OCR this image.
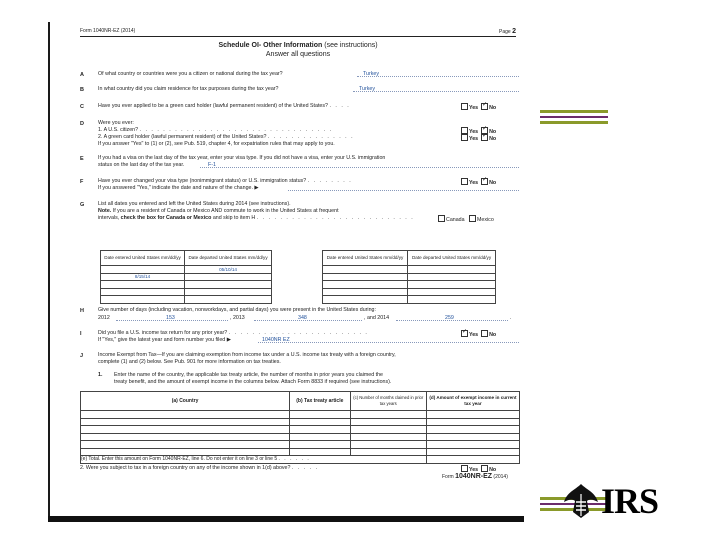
Form 1040NR-EZ (2014)	Page 2
Schedule OI- Other Information (see instructions)
Answer all questions
A	Of what country or countries were you a citizen or national during the tax year?	Turkey
B	In what country did you claim residence for tax purposes during the tax year?	Turkey
C	Have you ever applied to be a green card holder (lawful permanent resident) of the United States? . . . .	Yes ✓ No
D	Were you ever:
1. A U.S. citizen? . . . . . . . . . . . . . . . . . . . . . . . . . . . . . . . . .	Yes ✓ No
2. A green card holder (lawful permanent resident) of the United States? . . . . . . . . . . . . . . .	Yes ✓ No
If you answer "Yes" to (1) or (2), see Pub. 519, chapter 4, for expatriation rules that may apply to you.
E	If you had a visa on the last day of the tax year, enter your visa type. If you did not have a visa, enter your U.S. immigration
status on the last day of the tax year.	F-1
F	Have you ever changed your visa type (nonimmigrant status) or U.S. immigration status? . . . . . . . .	Yes ✓ No
If you answered "Yes," indicate the date and nature of the change. ▶
G	List all dates you entered and left the United States during 2014 (see instructions).
Note. If you are a resident of Canada or Mexico AND commute to work in the United States at frequent
intervals, check the box for Canada or Mexico and skip to item H . . . . . . . . . . . . . . . . . . . . . . . . . . .	Canada Mexico
Date entered United States mm/dd/yy	Date departed United States mm/dd/yy
	05/10/14
8/15/14	

Date entered United States mm/dd/yy	Date departed United States mm/dd/yy

H	Give number of days (including vacation, nonworkdays, and partial days) you were present in the United States during:
2012	153	, 2013	348	, and 2014	259	.
I	Did you file a U.S. income tax return for any prior year? . . . . . . . . . . . . . . . . . . . . . . . . ✓	Yes No
If "Yes," give the latest year and form number you filed ▶	1040NR EZ
J	Income Exempt from Tax—If you are claiming exemption from income tax under a U.S. income tax treaty with a foreign country,
complete (1) and (2) below. See Pub. 901 for more information on tax treaties.
1. Enter the name of the country, the applicable tax treaty article, the number of months in prior years you claimed the
treaty benefit, and the amount of exempt income in the columns below. Attach Form 8833 if required (see instructions).
(a) Country	(b) Tax treaty article	(c) Number of months claimed in prior tax years	(d) Amount of exempt income in current tax year

(e) Total. Enter this amount on Form 1040NR-EZ, line 6. Do not enter it on line 3 or line 5 . . . . . .			
2. Were you subject to tax in a foreign country on any of the income shown in 1(d) above? . . . . .	Yes No
Form 1040NR-EZ (2014)
IRS
